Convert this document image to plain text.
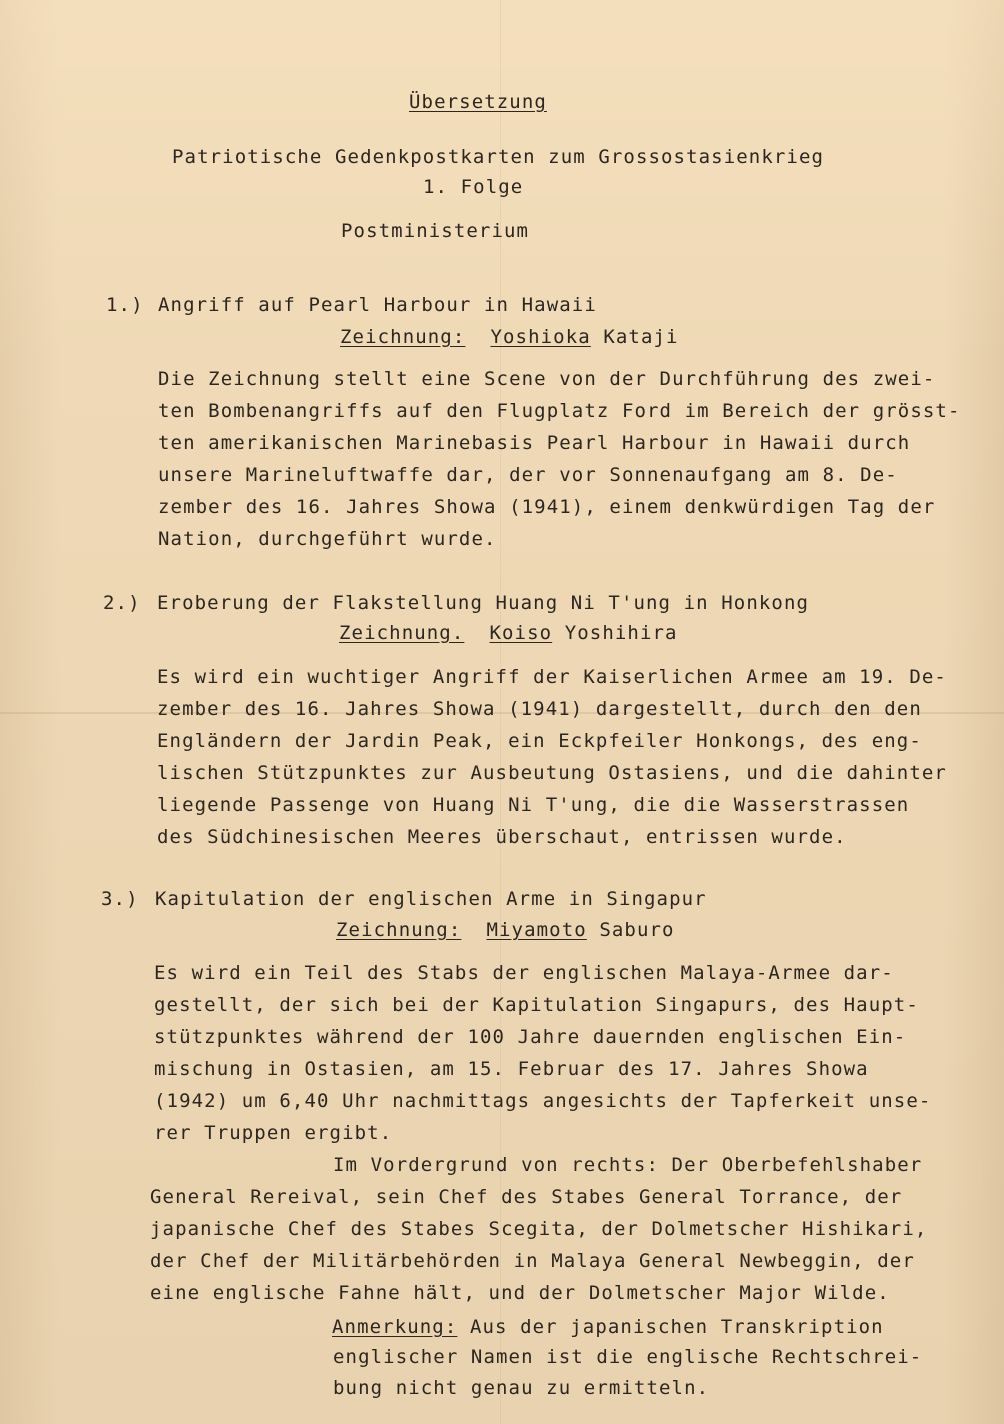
Übersetzung
Patriotische Gedenkpostkarten zum Grossostasienkrieg
1. Folge
Postministerium
1.) Angriff auf Pearl Harbour in Hawaii
Zeichnung: Yoshioka Kataji
Die Zeichnung stellt eine Scene von der Durchführung des zwei-
ten Bombenangriffs auf den Flugplatz Ford im Bereich der grösst-
ten amerikanischen Marinebasis Pearl Harbour in Hawaii durch
unsere Marineluftwaffe dar, der vor Sonnenaufgang am 8. De-
zember des 16. Jahres Showa (1941), einem denkwürdigen Tag der
Nation, durchgeführt wurde.
2.) Eroberung der Flakstellung Huang Ni T'ung in Honkong
Zeichnung. Koiso Yoshihira
Es wird ein wuchtiger Angriff der Kaiserlichen Armee am 19. De-
zember des 16. Jahres Showa (1941) dargestellt, durch den den
Engländern der Jardin Peak, ein Eckpfeiler Honkongs, des eng-
lischen Stützpunktes zur Ausbeutung Ostasiens, und die dahinter
liegende Passenge von Huang Ni T'ung, die die Wasserstrassen
des Südchinesischen Meeres überschaut, entrissen wurde.
3.) Kapitulation der englischen Arme in Singapur
Zeichnung: Miyamoto Saburo
Es wird ein Teil des Stabs der englischen Malaya-Armee dar-
gestellt, der sich bei der Kapitulation Singapurs, des Haupt-
stützpunktes während der 100 Jahre dauernden englischen Ein-
mischung in Ostasien, am 15. Februar des 17. Jahres Showa
(1942) um 6,40 Uhr nachmittags angesichts der Tapferkeit unse-
rer Truppen ergibt.
Im Vordergrund von rechts: Der Oberbefehlshaber
General Rereival, sein Chef des Stabes General Torrance, der
japanische Chef des Stabes Scegita, der Dolmetscher Hishikari,
der Chef der Militärbehörden in Malaya General Newbeggin, der
eine englische Fahne hält, und der Dolmetscher Major Wilde.
Anmerkung: Aus der japanischen Transkription
englischer Namen ist die englische Rechtschrei-
bung nicht genau zu ermitteln.
